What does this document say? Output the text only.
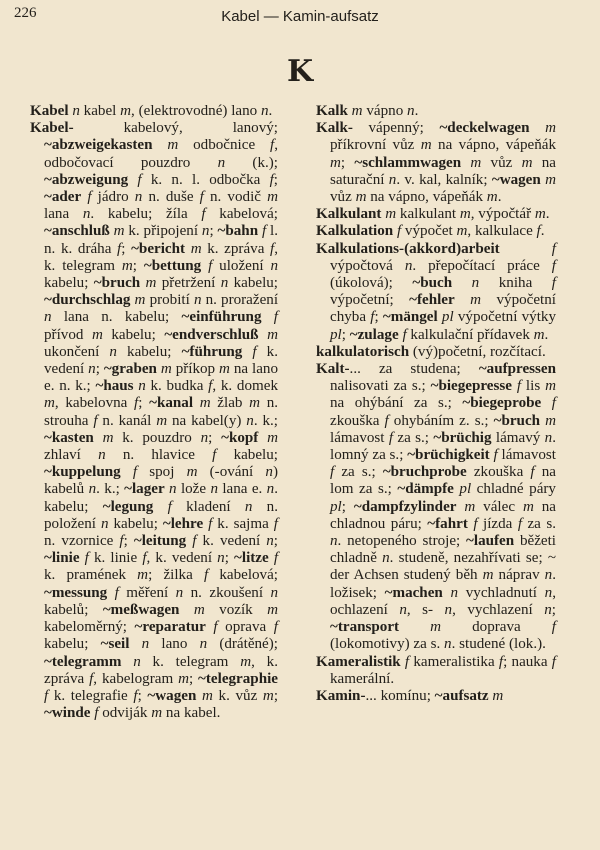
226	Kabel — Kamin-aufsatz
K

Kabel n kabel m, (elektrovodné) lano n.

Kabel- kabelový, lanový; ~abzweigekasten m odbočnice f, odbočovací pouzdro n (k.); ~abzweigung f k. n. l. odbočka f; ~ader f jádro n n. duše f n. vodič m lana n. kabelu; žíla f kabelová; ~anschluß m k. připojení n; ~bahn f l. n. k. dráha f; ~bericht m k. zpráva f, k. telegram m; ~bettung f uložení n kabelu; ~bruch m přetržení n kabelu; ~durchschlag m probití n n. proražení n lana n. kabelu; ~einführung f přívod m kabelu; ~endverschluß m ukončení n kabelu; ~führung f k. vedení n; ~graben m příkop m na lano e. n. k.; ~haus n k. budka f, k. domek m, kabelovna f; ~kanal m žlab m n. strouha f n. kanál m na kabel(y) n. k.; ~kasten m k. pouzdro n; ~kopf m zhlaví n n. hlavice f kabelu; ~kuppelung f spoj m (-ování n) kabelů n. k.; ~lager n lože n lana e. n. kabelu; ~legung f kladení n n. položení n kabelu; ~lehre f k. sajma f n. vzornice f; ~leitung f k. vedení n; ~linie f k. linie f, k. vedení n; ~litze f k. pramének m; žilka f kabelová; ~messung f měření n n. zkoušení n kabelů; ~meßwagen m vozík m kabeloměrný; ~reparatur f oprava f kabelu; ~seil n lano n (drátěné); ~telegramm n k. telegram m, k. zpráva f, kabelogram m; ~telegraphie f k. telegrafie f; ~wagen m k. vůz m; ~winde f odviják m na kabel.

Kalk m vápno n.

Kalk- vápenný; ~deckelwagen m příkrovní vůz m na vápno, vápeňák m; ~schlammwagen m vůz m na saturační n. v. kal, kalník; ~wagen m vůz m na vápno, vápeňák m.

Kalkulant m kalkulant m, výpočtář m.

Kalkulation f výpočet m, kalkulace f.

Kalkulations-(akkord)arbeit	f výpočtová n. přepočítací práce f (úkolová); ~buch n kniha f výpočetní; ~fehler m výpočetní chyba f; ~mängel pl výpočetní výtky pl; ~zulage f kalkulační přídavek m.

kalkulatorisch (vý)početní, rozčítací.

Kalt-... za studena; ~aufpressen nalisovati za s.; ~biegepresse f lis m na ohýbání za s.; ~biegeprobe f zkouška f ohybáním z. s.; ~bruch m lámavost f za s.; ~brüchig lámavý n. lomný za s.; ~brüchigkeit f lámavost f za s.; ~bruchprobe zkouška f na lom za s.; ~dämpfe pl chladné páry pl; ~dampfzylinder m válec m na chladnou páru; ~fahrt f jízda f za s. n. netopeného stroje; ~laufen běžeti chladně n. studeně, nezahřívati se; ~ der Achsen studený běh m náprav n. ložisek; ~machen n vychladnutí n, ochlazení n, s- n, vychlazení n; ~transport m doprava f (lokomotivy) za s. n. studené (lok.).

Kameralistik f kameralistika f; nauka f kamerální.

Kamin-... komínu; ~aufsatz m
